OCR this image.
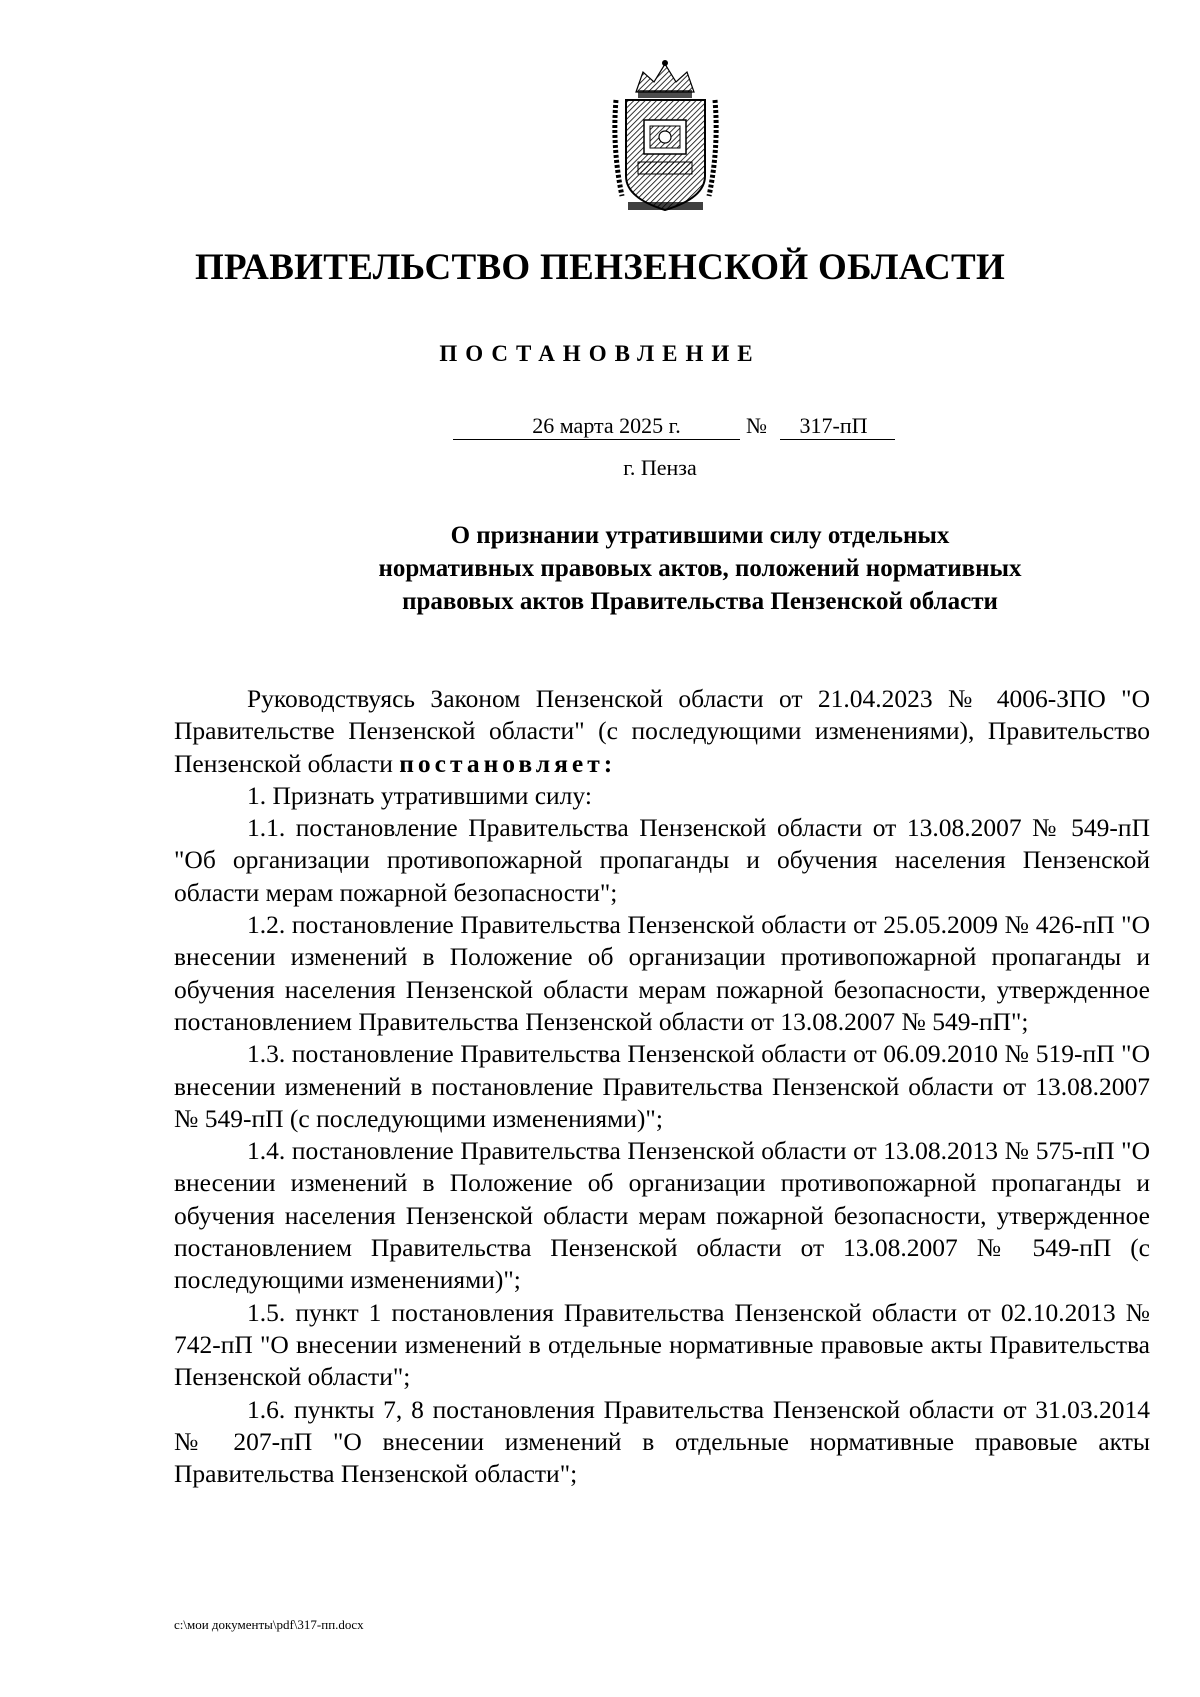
ПРАВИТЕЛЬСТВО ПЕНЗЕНСКОЙ ОБЛАСТИ
ПОСТАНОВЛЕНИЕ
26 марта 2025 г.	№	317-пП
г. Пенза
О признании утратившими силу отдельных
нормативных правовых актов, положений нормативных
правовых актов Правительства Пензенской области

Руководствуясь Законом Пензенской области от 21.04.2023 № 4006-ЗПО "О Правительстве Пензенской области" (с последующими изменениями), Правительство Пензенской области постановляет:

1. Признать утратившими силу:

1.1. постановление Правительства Пензенской области от 13.08.2007 № 549-пП "Об организации противопожарной пропаганды и обучения населения Пензенской области мерам пожарной безопасности";

1.2. постановление Правительства Пензенской области от 25.05.2009 № 426-пП "О внесении изменений в Положение об организации противопожарной пропаганды и обучения населения Пензенской области мерам пожарной безопасности, утвержденное постановлением Правительства Пензенской области от 13.08.2007 № 549-пП";

1.3. постановление Правительства Пензенской области от 06.09.2010 № 519-пП "О внесении изменений в постановление Правительства Пензенской области от 13.08.2007 № 549-пП (с последующими изменениями)";

1.4. постановление Правительства Пензенской области от 13.08.2013 № 575-пП "О внесении изменений в Положение об организации противопожарной пропаганды и обучения населения Пензенской области мерам пожарной безопасности, утвержденное постановлением Правительства Пензенской области от 13.08.2007 № 549-пП (с последующими изменениями)";

1.5. пункт 1 постановления Правительства Пензенской области от 02.10.2013 № 742-пП "О внесении изменений в отдельные нормативные правовые акты Правительства Пензенской области";

1.6. пункты 7, 8 постановления Правительства Пензенской области от 31.03.2014 № 207-пП "О внесении изменений в отдельные нормативные правовые акты Правительства Пензенской области";

c:\мои документы\pdf\317-пп.docx
